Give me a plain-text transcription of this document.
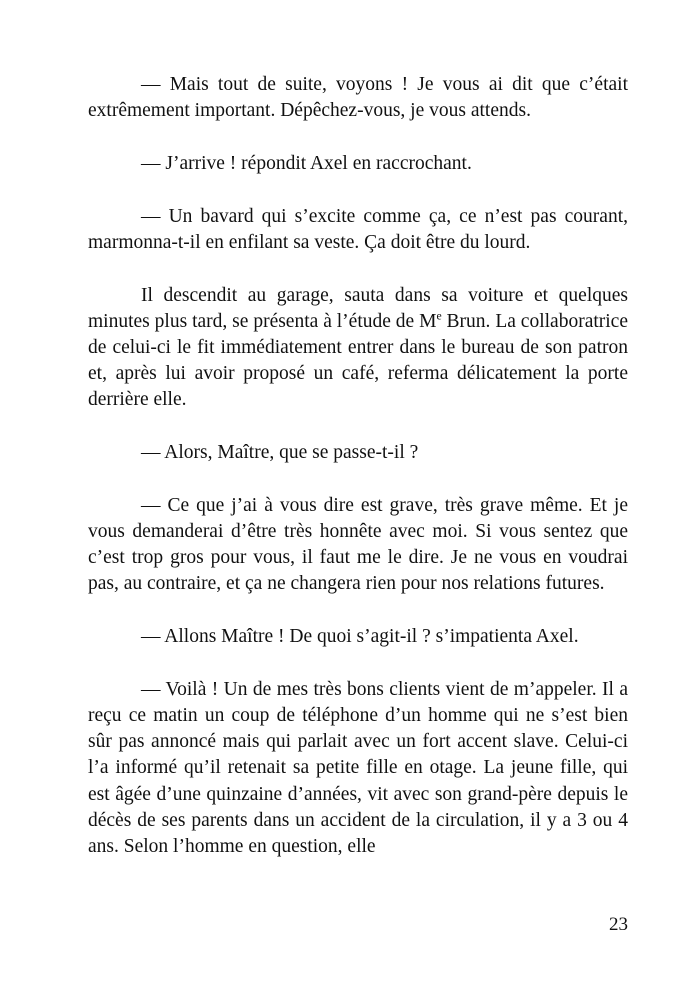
— Mais tout de suite, voyons ! Je vous ai dit que c’était extrêmement important. Dépêchez-vous, je vous attends.

— J’arrive ! répondit Axel en raccrochant.

— Un bavard qui s’excite comme ça, ce n’est pas courant, marmonna-t-il en enfilant sa veste. Ça doit être du lourd.

Il descendit au garage, sauta dans sa voiture et quelques minutes plus tard, se présenta à l’étude de Me Brun. La collaboratrice de celui-ci le fit immédiatement entrer dans le bureau de son patron et, après lui avoir proposé un café, referma délicatement la porte derrière elle.

— Alors, Maître, que se passe-t-il ?

— Ce que j’ai à vous dire est grave, très grave même. Et je vous demanderai d’être très honnête avec moi. Si vous sentez que c’est trop gros pour vous, il faut me le dire. Je ne vous en voudrai pas, au contraire, et ça ne changera rien pour nos relations futures.

— Allons Maître ! De quoi s’agit-il ? s’impatienta Axel.

— Voilà ! Un de mes très bons clients vient de m’appeler. Il a reçu ce matin un coup de téléphone d’un homme qui ne s’est bien sûr pas annoncé mais qui parlait avec un fort accent slave. Celui-ci l’a informé qu’il retenait sa petite fille en otage. La jeune fille, qui est âgée d’une quinzaine d’années, vit avec son grand-père depuis le décès de ses parents dans un accident de la circulation, il y a 3 ou 4 ans. Selon l’homme en question, elle

23
